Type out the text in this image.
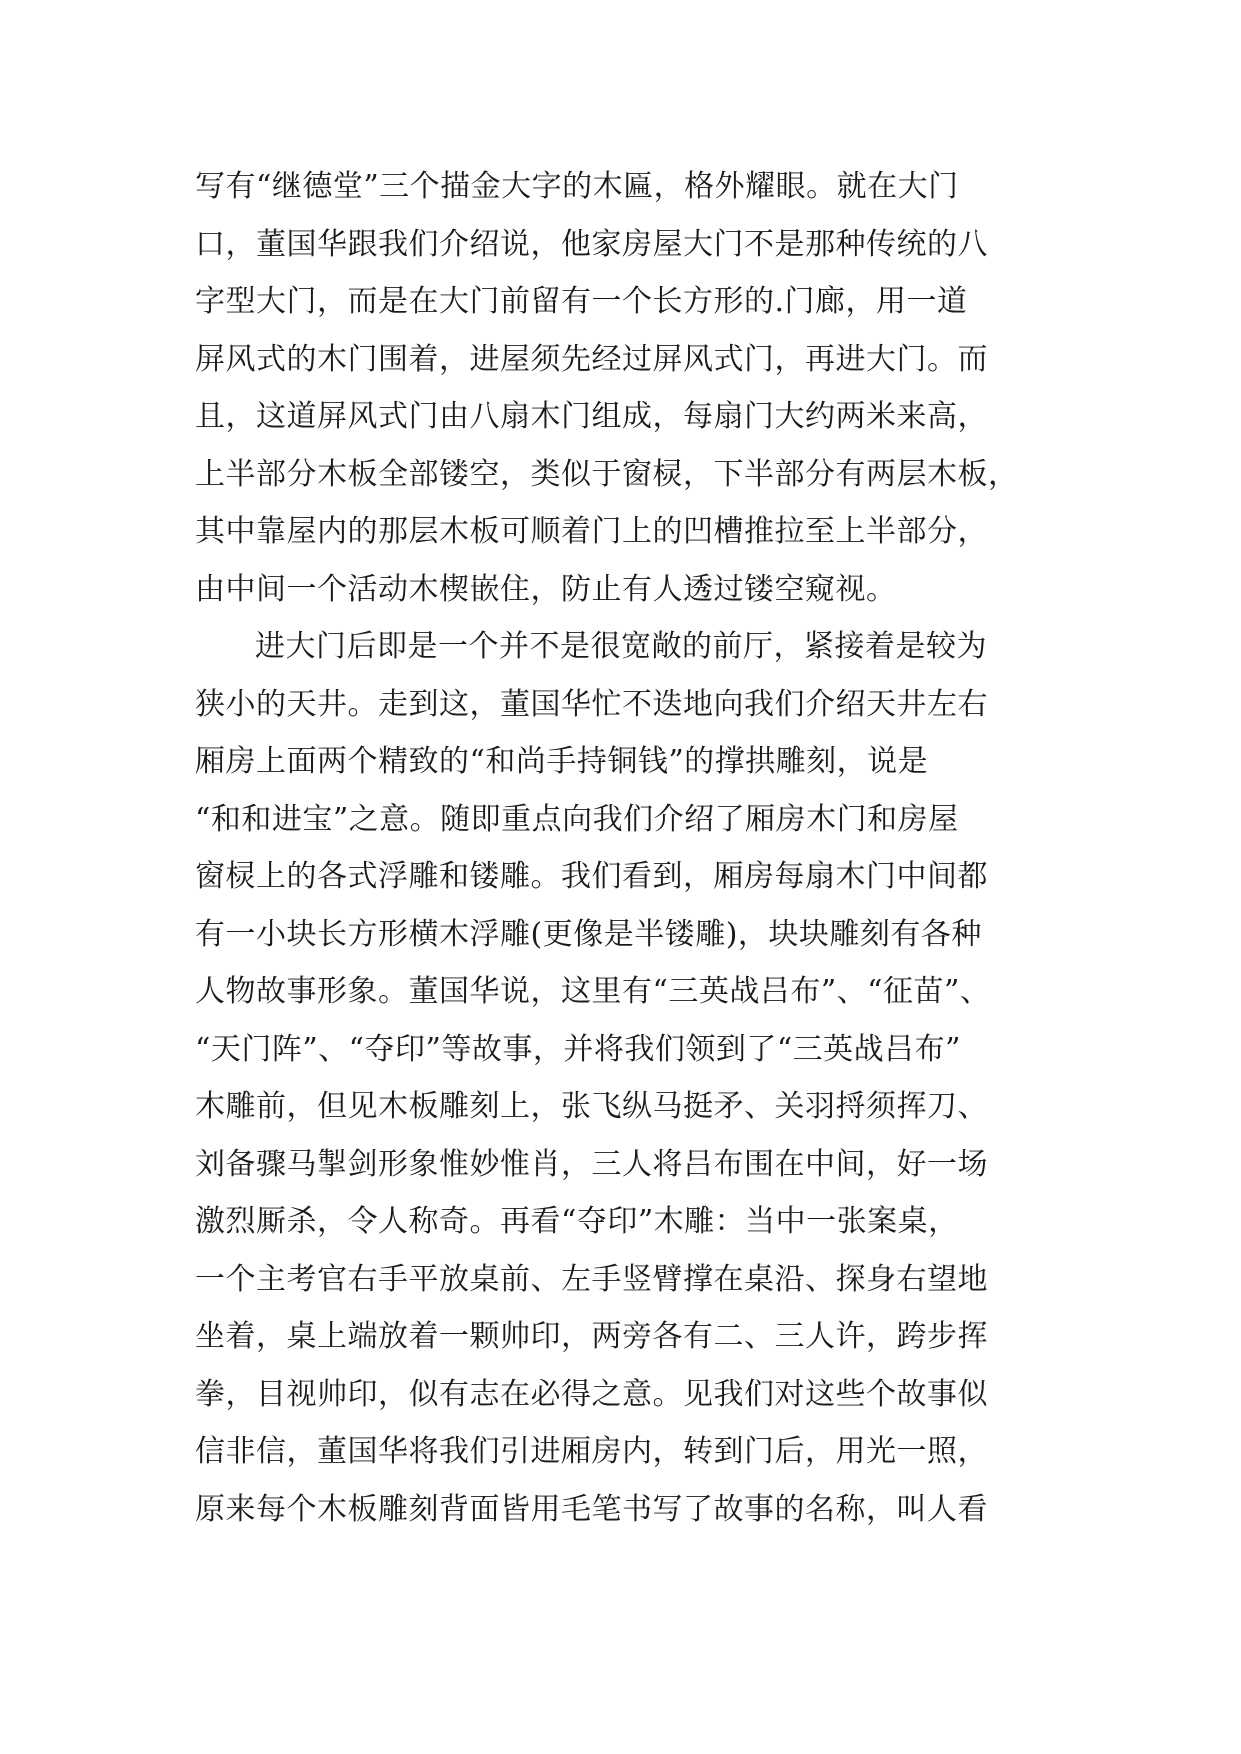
写有“继德堂”三个描金大字的木匾，格外耀眼。就在大门
口，董国华跟我们介绍说，他家房屋大门不是那种传统的八
字型大门，而是在大门前留有一个长方形的.门廊，用一道
屏风式的木门围着，进屋须先经过屏风式门，再进大门。而
且，这道屏风式门由八扇木门组成，每扇门大约两米来高，
上半部分木板全部镂空，类似于窗棂，下半部分有两层木板，
其中靠屋内的那层木板可顺着门上的凹槽推拉至上半部分，
由中间一个活动木楔嵌住，防止有人透过镂空窥视。
进大门后即是一个并不是很宽敞的前厅，紧接着是较为
狭小的天井。走到这，董国华忙不迭地向我们介绍天井左右
厢房上面两个精致的“和尚手持铜钱”的撑拱雕刻，说是
“和和进宝”之意。随即重点向我们介绍了厢房木门和房屋
窗棂上的各式浮雕和镂雕。我们看到，厢房每扇木门中间都
有一小块长方形横木浮雕(更像是半镂雕)，块块雕刻有各种
人物故事形象。董国华说，这里有“三英战吕布”、“征苗”、
“天门阵”、“夺印”等故事，并将我们领到了“三英战吕布”
木雕前，但见木板雕刻上，张飞纵马挺矛、关羽捋须挥刀、
刘备骤马掣剑形象惟妙惟肖，三人将吕布围在中间，好一场
激烈厮杀，令人称奇。再看“夺印”木雕：当中一张案桌，
一个主考官右手平放桌前、左手竖臂撑在桌沿、探身右望地
坐着，桌上端放着一颗帅印，两旁各有二、三人许，跨步挥
拳，目视帅印，似有志在必得之意。见我们对这些个故事似
信非信，董国华将我们引进厢房内，转到门后，用光一照，
原来每个木板雕刻背面皆用毛笔书写了故事的名称，叫人看
